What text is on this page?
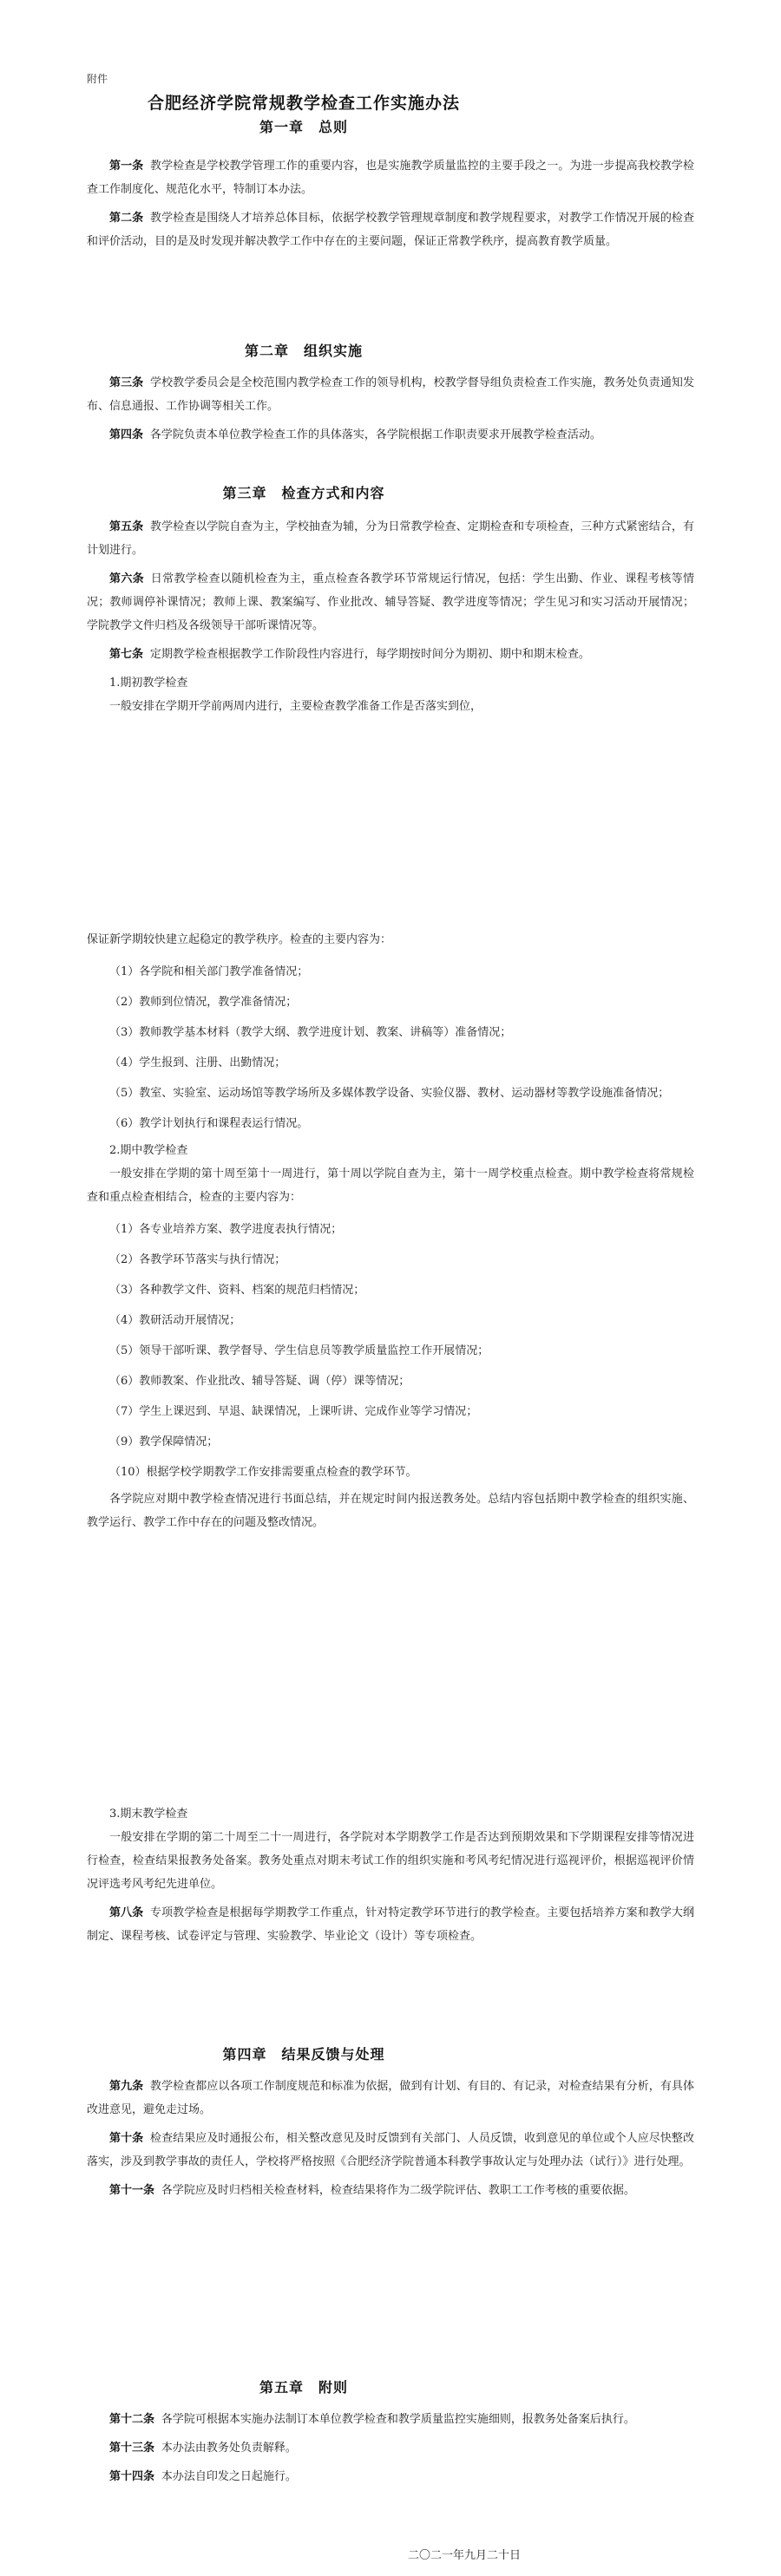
附件
合肥经济学院常规教学检查工作实施办法
第一章　总则

第一条 教学检查是学校教学管理工作的重要内容，也是实施教学质量监控的主要手段之一。为进一步提高我校教学检查工作制度化、规范化水平，特制订本办法。

第二条 教学检查是围绕人才培养总体目标，依据学校教学管理规章制度和教学规程要求，对教学工作情况开展的检查和评价活动，目的是及时发现并解决教学工作中存在的主要问题，保证正常教学秩序，提高教育教学质量。

第二章　组织实施

第三条 学校教学委员会是全校范围内教学检查工作的领导机构，校教学督导组负责检查工作实施，教务处负责通知发布、信息通报、工作协调等相关工作。

第四条 各学院负责本单位教学检查工作的具体落实，各学院根据工作职责要求开展教学检查活动。

第三章　检查方式和内容

第五条 教学检查以学院自查为主，学校抽查为辅，分为日常教学检查、定期检查和专项检查，三种方式紧密结合，有计划进行。

第六条 日常教学检查以随机检查为主，重点检查各教学环节常规运行情况，包括：学生出勤、作业、课程考核等情况；教师调停补课情况；教师上课、教案编写、作业批改、辅导答疑、教学进度等情况；学生见习和实习活动开展情况；学院教学文件归档及各级领导干部听课情况等。

第七条 定期教学检查根据教学工作阶段性内容进行，每学期按时间分为期初、期中和期末检查。

1.期初教学检查

一般安排在学期开学前两周内进行，主要检查教学准备工作是否落实到位，

保证新学期较快建立起稳定的教学秩序。检查的主要内容为：

（1）各学院和相关部门教学准备情况；
（2）教师到位情况，教学准备情况；
（3）教师教学基本材料（教学大纲、教学进度计划、教案、讲稿等）准备情况；
（4）学生报到、注册、出勤情况；
（5）教室、实验室、运动场馆等教学场所及多媒体教学设备、实验仪器、教材、运动器材等教学设施准备情况；
（6）教学计划执行和课程表运行情况。

2.期中教学检查

一般安排在学期的第十周至第十一周进行，第十周以学院自查为主，第十一周学校重点检查。期中教学检查将常规检查和重点检查相结合，检查的主要内容为：

（1）各专业培养方案、教学进度表执行情况；
（2）各教学环节落实与执行情况；
（3）各种教学文件、资料、档案的规范归档情况；
（4）教研活动开展情况；
（5）领导干部听课、教学督导、学生信息员等教学质量监控工作开展情况；
（6）教师教案、作业批改、辅导答疑、调（停）课等情况；
（7）学生上课迟到、早退、缺课情况，上课听讲、完成作业等学习情况；
（9）教学保障情况；
（10）根据学校学期教学工作安排需要重点检查的教学环节。

各学院应对期中教学检查情况进行书面总结，并在规定时间内报送教务处。总结内容包括期中教学检查的组织实施、教学运行、教学工作中存在的问题及整改情况。

3.期末教学检查

一般安排在学期的第二十周至二十一周进行，各学院对本学期教学工作是否达到预期效果和下学期课程安排等情况进行检查，检查结果报教务处备案。教务处重点对期末考试工作的组织实施和考风考纪情况进行巡视评价，根据巡视评价情况评选考风考纪先进单位。

第八条 专项教学检查是根据每学期教学工作重点，针对特定教学环节进行的教学检查。主要包括培养方案和教学大纲制定、课程考核、试卷评定与管理、实验教学、毕业论文（设计）等专项检查。

第四章　结果反馈与处理

第九条 教学检查都应以各项工作制度规范和标准为依据，做到有计划、有目的、有记录，对检查结果有分析，有具体改进意见，避免走过场。

第十条 检查结果应及时通报公布，相关整改意见及时反馈到有关部门、人员反馈，收到意见的单位或个人应尽快整改落实，涉及到教学事故的责任人，学校将严格按照《合肥经济学院普通本科教学事故认定与处理办法（试行）》进行处理。

第十一条 各学院应及时归档相关检查材料，检查结果将作为二级学院评估、教职工工作考核的重要依据。

第五章　附则

第十二条 各学院可根据本实施办法制订本单位教学检查和教学质量监控实施细则，报教务处备案后执行。

第十三条 本办法由教务处负责解释。

第十四条 本办法自印发之日起施行。

二〇二一年九月二十日
